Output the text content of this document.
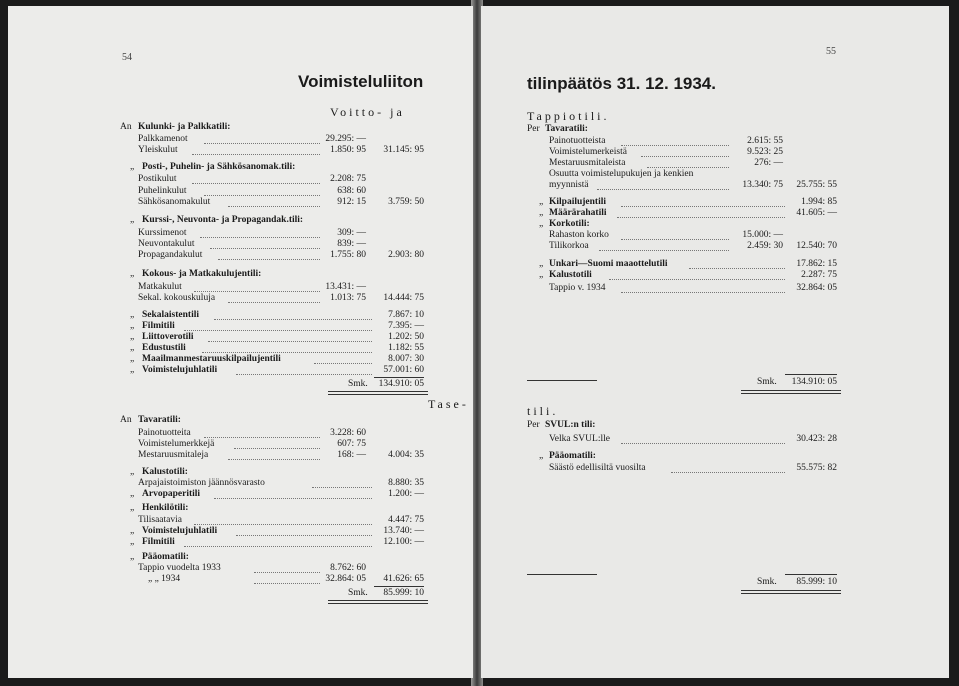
54
Voimisteluliiton
Voitto- ja
An Kulunki- ja Palkkatili:
Palkkamenot	29.295: —
Yleiskulut	1.850: 95	31.145: 95
„ Posti-, Puhelin- ja Sähkösanomak.tili:
Postikulut	2.208: 75
Puhelinkulut	638: 60
Sähkösanomakulut	912: 15	3.759: 50
„ Kurssi-, Neuvonta- ja Propagandak.tili:
Kurssimenot	309: —
Neuvontakulut	839: —
Propagandakulut	1.755: 80	2.903: 80
„ Kokous- ja Matkakulujentili:
Matkakulut	13.431: —
Sekal. kokouskuluja	1.013: 75	14.444: 75
„ Sekalaistentili	7.867: 10
„ Filmitili	7.395: —
„ Liittoverotili	1.202: 50
„ Edustustili	1.182: 55
„ Maailmanmestaruuskilpailujentili	8.007: 30
„ Voimistelujuhlatili	57.001: 60
Smk.	134.910: 05
Tase-
An Tavaratili:
Painotuotteita	3.228: 60
Voimistelumerkkejä	607: 75
Mestaruusmitaleja	168: —	4.004: 35
„ Kalustotili:
Arpajaistoimiston jäännösvarasto	8.880: 35
„ Arvopaperitili	1.200: —
„ Henkilötili:
Tilisaatavia	4.447: 75
„ Voimistelujuhlatili	13.740: —
„ Filmitili	12.100: —
„ Pääomatili:
Tappio vuodelta 1933	8.762: 60
„ „ 1934	32.864: 05	41.626: 65
Smk.	85.999: 10
55
tilinpäätös 31. 12. 1934.
Tappiotili.
Per Tavaratili:
Painotuotteista	2.615: 55
Voimistelumerkeistä	9.523: 25
Mestaruusmitaleista	276: —
Osuutta voimistelupukujen ja kenkien
myynnistä	13.340: 75	25.755: 55
„ Kilpailujentili	1.994: 85
„ Määrärahatili	41.605: —
„ Korkotili:
Rahaston korko	15.000: —
Tilikorkoa	2.459: 30	12.540: 70
„ Unkari—Suomi maaottelutili	17.862: 15
„ Kalustotili	2.287: 75
Tappio v. 1934	32.864: 05
Smk.	134.910: 05
tili.
Per SVUL:n tili:
Velka SVUL:lle	30.423: 28
„ Pääomatili:
Säästö edellisiltä vuosilta	55.575: 82
Smk.	85.999: 10
